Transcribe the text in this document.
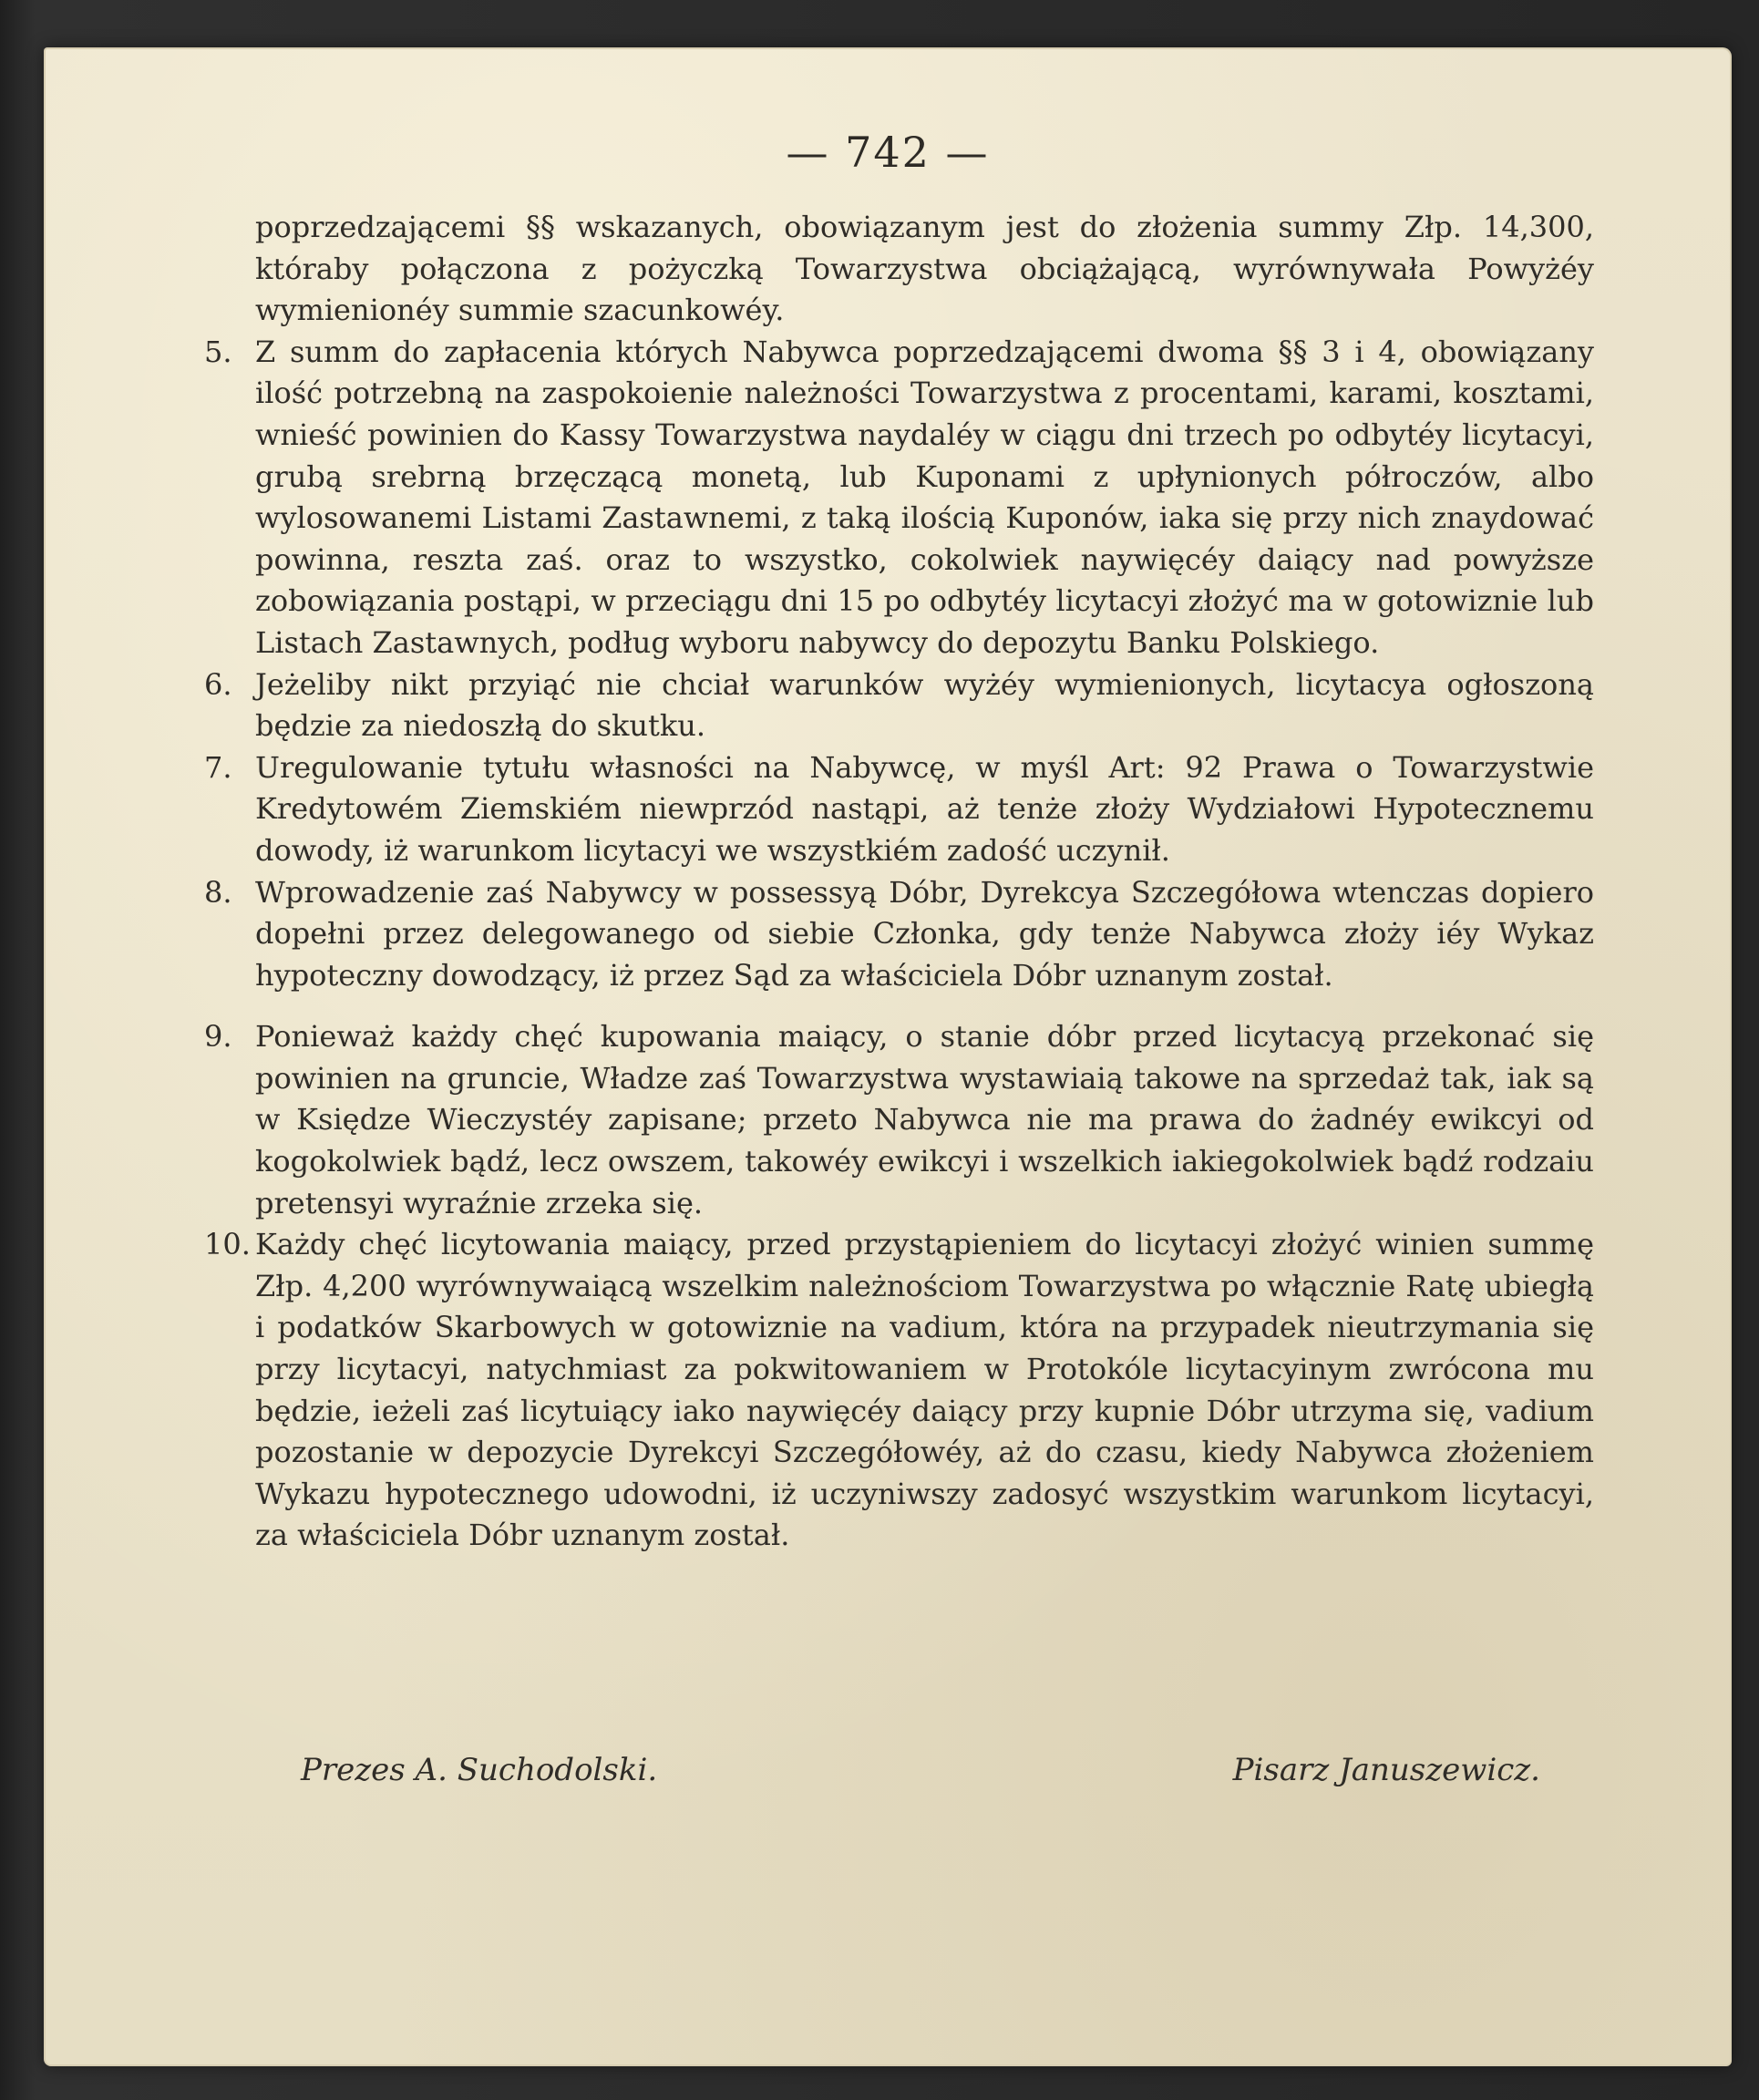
— 742 —

poprzedzającemi §§ wskazanych, obowiązanym jest do złożenia summy Złp. 14,300, któraby połączona z pożyczką Towarzystwa obciążającą, wyrównywała Powyżéy wymienionéy summie szacunkowéy.

5. Z summ do zapłacenia których Nabywca poprzedzającemi dwoma §§ 3 i 4, obowiązany ilość potrzebną na zaspokoienie należności Towarzystwa z procentami, karami, kosztami, wnieść powinien do Kassy Towarzystwa naydaléy w ciągu dni trzech po odbytéy licytacyi, grubą srebrną brzęczącą monetą, lub Kuponami z upłynionych półroczów, albo wylosowanemi Listami Zastawnemi, z taką ilością Kuponów, iaka się przy nich znaydować powinna, reszta zaś. oraz to wszystko, cokolwiek naywięcéy daiący nad powyższe zobowiązania postąpi, w przeciągu dni 15 po odbytéy licytacyi złożyć ma w gotowiznie lub Listach Zastawnych, podług wyboru nabywcy do depozytu Banku Polskiego.
6. Jeżeliby nikt przyiąć nie chciał warunków wyżéy wymienionych, licytacya ogłoszoną będzie za niedoszłą do skutku.
7. Uregulowanie tytułu własności na Nabywcę, w myśl Art: 92 Prawa o Towarzystwie Kredytowém Ziemskiém niewprzód nastąpi, aż tenże złoży Wydziałowi Hypotecznemu dowody, iż warunkom licytacyi we wszystkiém zadość uczynił.
8. Wprowadzenie zaś Nabywcy w possessyą Dóbr, Dyrekcya Szczegółowa wtenczas dopiero dopełni przez delegowanego od siebie Członka, gdy tenże Nabywca złoży iéy Wykaz hypoteczny dowodzący, iż przez Sąd za właściciela Dóbr uznanym został.
9. Ponieważ każdy chęć kupowania maiący, o stanie dóbr przed licytacyą przekonać się powinien na gruncie, Władze zaś Towarzystwa wystawiaią takowe na sprzedaż tak, iak są w Księdze Wieczystéy zapisane; przeto Nabywca nie ma prawa do żadnéy ewikcyi od kogokolwiek bądź, lecz owszem, takowéy ewikcyi i wszelkich iakiegokolwiek bądź rodzaiu pretensyi wyraźnie zrzeka się.
10. Każdy chęć licytowania maiący, przed przystąpieniem do licytacyi złożyć winien summę Złp. 4,200 wyrównywaiącą wszelkim należnościom Towarzystwa po włącznie Ratę ubiegłą i podatków Skarbowych w gotowiznie na vadium, która na przypadek nieutrzymania się przy licytacyi, natychmiast za pokwitowaniem w Protokóle licytacyinym zwrócona mu będzie, ieżeli zaś licytuiący iako naywięcéy daiący przy kupnie Dóbr utrzyma się, vadium pozostanie w depozycie Dyrekcyi Szczegółowéy, aż do czasu, kiedy Nabywca złożeniem Wykazu hypotecznego udowodni, iż uczyniwszy zadosyć wszystkim warunkom licytacyi, za właściciela Dóbr uznanym został.
Prezes A. Suchodolski.	Pisarz Januszewicz.
